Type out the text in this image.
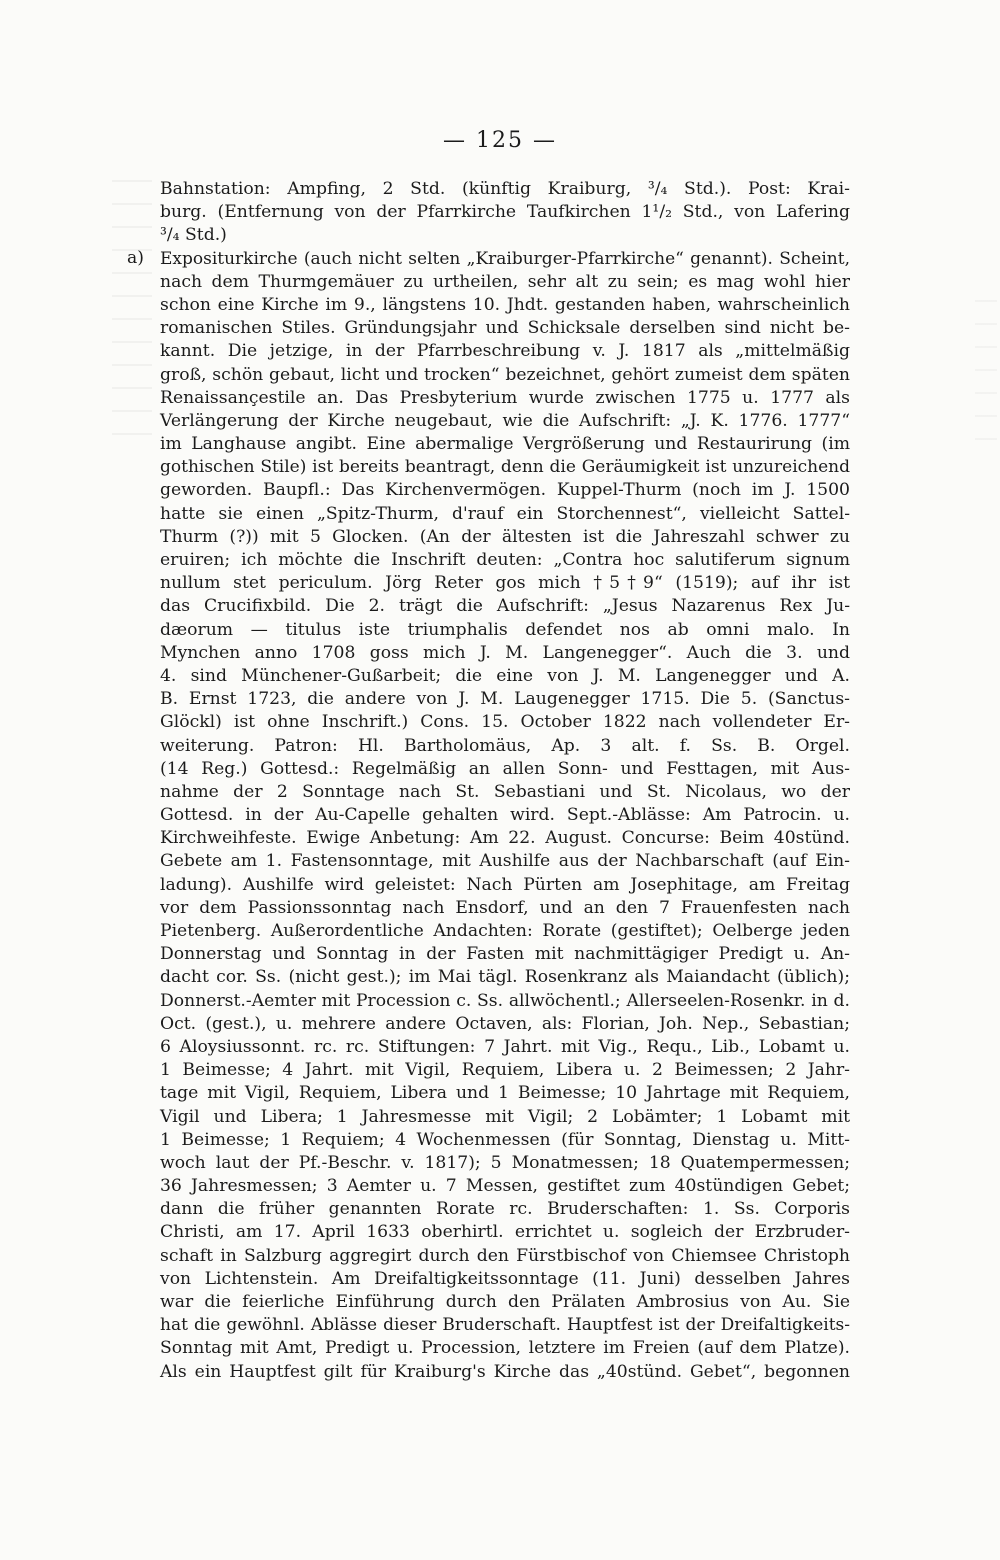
— 125 —
a)
Bahnstation: Ampfing, 2 Std. (künftig Kraiburg, ³/₄ Std.). Post: Krai-
burg. (Entfernung von der Pfarrkirche Taufkirchen 1¹/₂ Std., von Lafering
³/₄ Std.)
Expositurkirche (auch nicht selten „Kraiburger-Pfarrkirche“ genannt). Scheint,
nach dem Thurmgemäuer zu urtheilen, sehr alt zu sein; es mag wohl hier
schon eine Kirche im 9., längstens 10. Jhdt. gestanden haben, wahrscheinlich
romanischen Stiles. Gründungsjahr und Schicksale derselben sind nicht be-
kannt. Die jetzige, in der Pfarrbeschreibung v. J. 1817 als „mittelmäßig
groß, schön gebaut, licht und trocken“ bezeichnet, gehört zumeist dem späten
Renaissançestile an. Das Presbyterium wurde zwischen 1775 u. 1777 als
Verlängerung der Kirche neugebaut, wie die Aufschrift: „J. K. 1776. 1777“
im Langhause angibt. Eine abermalige Vergrößerung und Restaurirung (im
gothischen Stile) ist bereits beantragt, denn die Geräumigkeit ist unzureichend
geworden. Baupfl.: Das Kirchenvermögen. Kuppel-Thurm (noch im J. 1500
hatte sie einen „Spitz-Thurm, d'rauf ein Storchennest“, vielleicht Sattel-
Thurm (?)) mit 5 Glocken. (An der ältesten ist die Jahreszahl schwer zu
eruiren; ich möchte die Inschrift deuten: „Contra hoc salutiferum signum
nullum stet periculum. Jörg Reter gos mich †5†9“ (1519); auf ihr ist
das Crucifixbild. Die 2. trägt die Aufschrift: „Jesus Nazarenus Rex Ju-
dæorum — titulus iste triumphalis defendet nos ab omni malo. In
Mynchen anno 1708 goss mich J. M. Langenegger“. Auch die 3. und
4. sind Münchener-Gußarbeit; die eine von J. M. Langenegger und A.
B. Ernst 1723, die andere von J. M. Laugenegger 1715. Die 5. (Sanctus-
Glöckl) ist ohne Inschrift.) Cons. 15. October 1822 nach vollendeter Er-
weiterung. Patron: Hl. Bartholomäus, Ap. 3 alt. f. Ss. B. Orgel.
(14 Reg.) Gottesd.: Regelmäßig an allen Sonn- und Festtagen, mit Aus-
nahme der 2 Sonntage nach St. Sebastiani und St. Nicolaus, wo der
Gottesd. in der Au-Capelle gehalten wird. Sept.-Ablässe: Am Patrocin. u.
Kirchweihfeste. Ewige Anbetung: Am 22. August. Concurse: Beim 40stünd.
Gebete am 1. Fastensonntage, mit Aushilfe aus der Nachbarschaft (auf Ein-
ladung). Aushilfe wird geleistet: Nach Pürten am Josephitage, am Freitag
vor dem Passionssonntag nach Ensdorf, und an den 7 Frauenfesten nach
Pietenberg. Außerordentliche Andachten: Rorate (gestiftet); Oelberge jeden
Donnerstag und Sonntag in der Fasten mit nachmittägiger Predigt u. An-
dacht cor. Ss. (nicht gest.); im Mai tägl. Rosenkranz als Maiandacht (üblich);
Donnerst.-Aemter mit Procession c. Ss. allwöchentl.; Allerseelen-Rosenkr. in d.
Oct. (gest.), u. mehrere andere Octaven, als: Florian, Joh. Nep., Sebastian;
6 Aloysiussonnt. rc. rc. Stiftungen: 7 Jahrt. mit Vig., Requ., Lib., Lobamt u.
1 Beimesse; 4 Jahrt. mit Vigil, Requiem, Libera u. 2 Beimessen; 2 Jahr-
tage mit Vigil, Requiem, Libera und 1 Beimesse; 10 Jahrtage mit Requiem,
Vigil und Libera; 1 Jahresmesse mit Vigil; 2 Lobämter; 1 Lobamt mit
1 Beimesse; 1 Requiem; 4 Wochenmessen (für Sonntag, Dienstag u. Mitt-
woch laut der Pf.-Beschr. v. 1817); 5 Monatmessen; 18 Quatempermessen;
36 Jahresmessen; 3 Aemter u. 7 Messen, gestiftet zum 40stündigen Gebet;
dann die früher genannten Rorate rc. Bruderschaften: 1. Ss. Corporis
Christi, am 17. April 1633 oberhirtl. errichtet u. sogleich der Erzbruder-
schaft in Salzburg aggregirt durch den Fürstbischof von Chiemsee Christoph
von Lichtenstein. Am Dreifaltigkeitssonntage (11. Juni) desselben Jahres
war die feierliche Einführung durch den Prälaten Ambrosius von Au. Sie
hat die gewöhnl. Ablässe dieser Bruderschaft. Hauptfest ist der Dreifaltigkeits-
Sonntag mit Amt, Predigt u. Procession, letztere im Freien (auf dem Platze).
Als ein Hauptfest gilt für Kraiburg's Kirche das „40stünd. Gebet“, begonnen
